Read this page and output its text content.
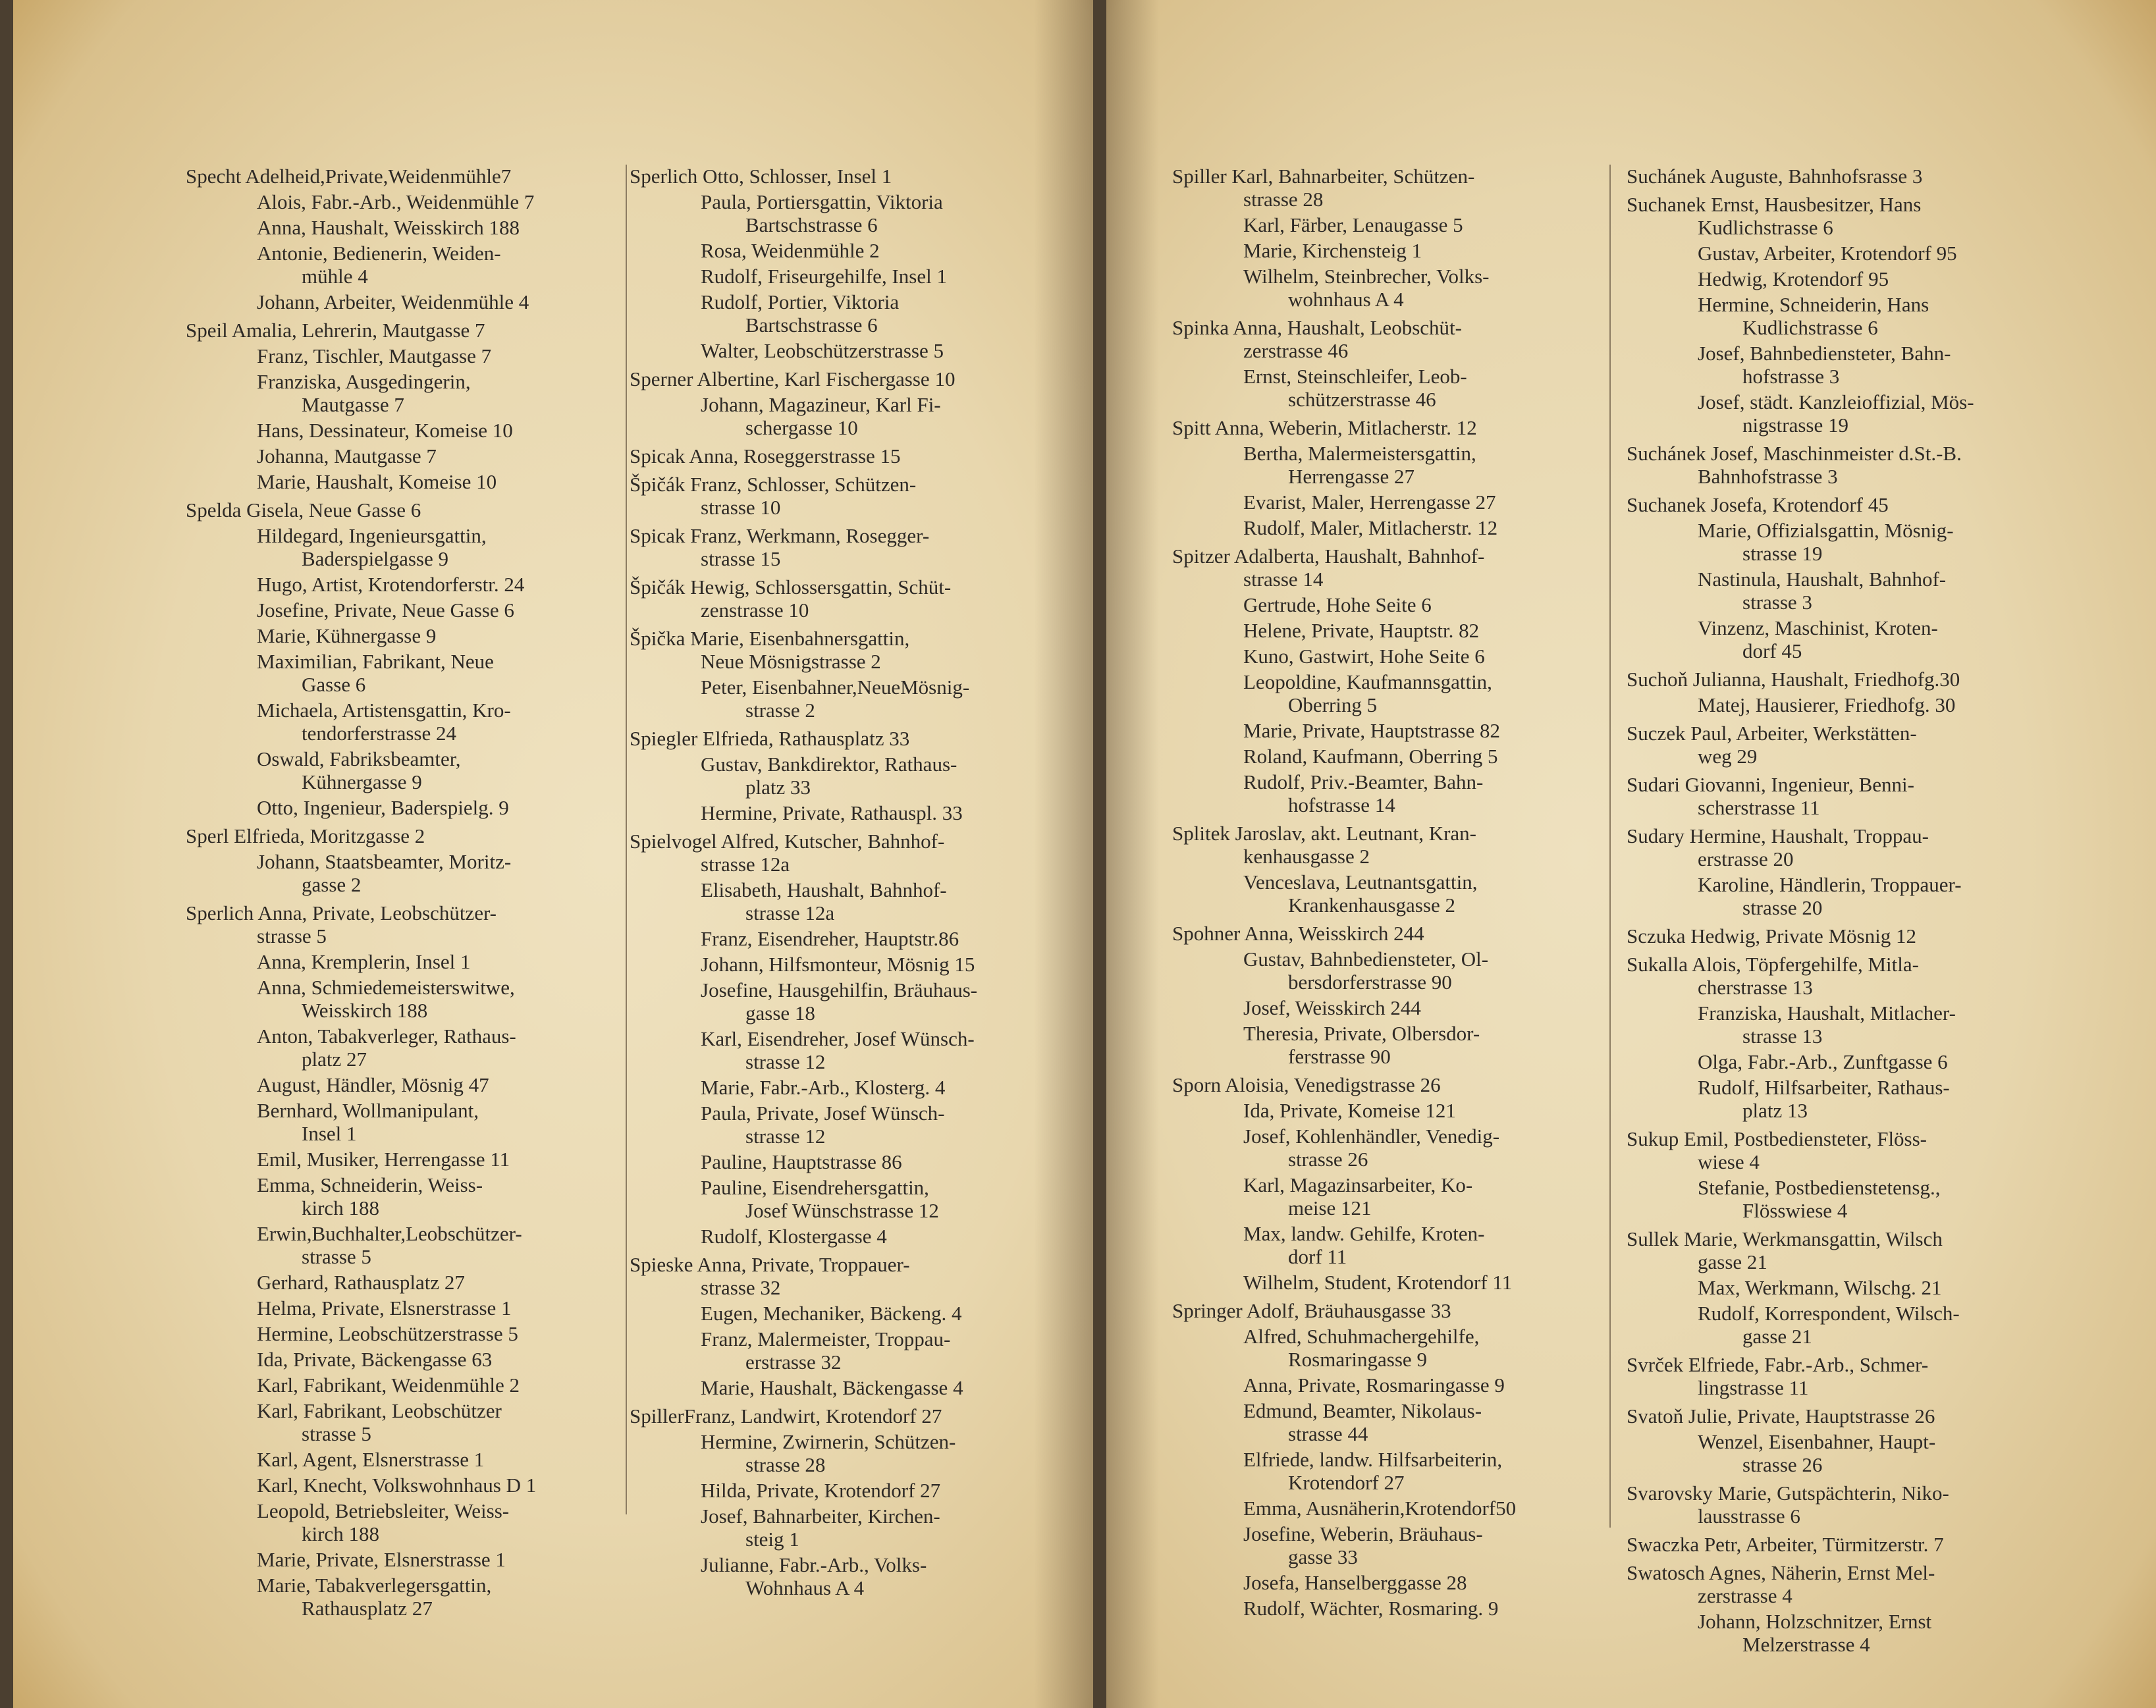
Specht Adelheid,Private,Weidenmühle7
Alois, Fabr.-Arb., Weidenmühle 7
Anna, Haushalt, Weisskirch 188
Antonie, Bedienerin, Weiden-
mühle 4
Johann, Arbeiter, Weidenmühle 4
Speil Amalia, Lehrerin, Mautgasse 7
Franz, Tischler, Mautgasse 7
Franziska, Ausgedingerin,
Mautgasse 7
Hans, Dessinateur, Komeise 10
Johanna, Mautgasse 7
Marie, Haushalt, Komeise 10
Spelda Gisela, Neue Gasse 6
Hildegard, Ingenieursgattin,
Baderspielgasse 9
Hugo, Artist, Krotendorferstr. 24
Josefine, Private, Neue Gasse 6
Marie, Kühnergasse 9
Maximilian, Fabrikant, Neue
Gasse 6
Michaela, Artistensgattin, Kro-
tendorferstrasse 24
Oswald, Fabriksbeamter,
Kühnergasse 9
Otto, Ingenieur, Baderspielg. 9
Sperl Elfrieda, Moritzgasse 2
Johann, Staatsbeamter, Moritz-
gasse 2
Sperlich Anna, Private, Leobschützer-
strasse 5
Anna, Kremplerin, Insel 1
Anna, Schmiedemeisterswitwe,
Weisskirch 188
Anton, Tabakverleger, Rathaus-
platz 27
August, Händler, Mösnig 47
Bernhard, Wollmanipulant,
Insel 1
Emil, Musiker, Herrengasse 11
Emma, Schneiderin, Weiss-
kirch 188
Erwin,Buchhalter,Leobschützer-
strasse 5
Gerhard, Rathausplatz 27
Helma, Private, Elsnerstrasse 1
Hermine, Leobschützerstrasse 5
Ida, Private, Bäckengasse 63
Karl, Fabrikant, Weidenmühle 2
Karl, Fabrikant, Leobschützer
strasse 5
Karl, Agent, Elsnerstrasse 1
Karl, Knecht, Volkswohnhaus D 1
Leopold, Betriebsleiter, Weiss-
kirch 188
Marie, Private, Elsnerstrasse 1
Marie, Tabakverlegersgattin,
Rathausplatz 27
Sperlich Otto, Schlosser, Insel 1
Paula, Portiersgattin, Viktoria
Bartschstrasse 6
Rosa, Weidenmühle 2
Rudolf, Friseurgehilfe, Insel 1
Rudolf, Portier, Viktoria
Bartschstrasse 6
Walter, Leobschützerstrasse 5
Sperner Albertine, Karl Fischergasse 10
Johann, Magazineur, Karl Fi-
schergasse 10
Spicak Anna, Roseggerstrasse 15
Špičák Franz, Schlosser, Schützen-
strasse 10
Spicak Franz, Werkmann, Rosegger-
strasse 15
Špičák Hewig, Schlossersgattin, Schüt-
zenstrasse 10
Špička Marie, Eisenbahnersgattin,
Neue Mösnigstrasse 2
Peter, Eisenbahner,NeueMösnig-
strasse 2
Spiegler Elfrieda, Rathausplatz 33
Gustav, Bankdirektor, Rathaus-
platz 33
Hermine, Private, Rathauspl. 33
Spielvogel Alfred, Kutscher, Bahnhof-
strasse 12a
Elisabeth, Haushalt, Bahnhof-
strasse 12a
Franz, Eisendreher, Hauptstr.86
Johann, Hilfsmonteur, Mösnig 15
Josefine, Hausgehilfin, Bräuhaus-
gasse 18
Karl, Eisendreher, Josef Wünsch-
strasse 12
Marie, Fabr.-Arb., Klosterg. 4
Paula, Private, Josef Wünsch-
strasse 12
Pauline, Hauptstrasse 86
Pauline, Eisendrehersgattin,
Josef Wünschstrasse 12
Rudolf, Klostergasse 4
Spieske Anna, Private, Troppauer-
strasse 32
Eugen, Mechaniker, Bäckeng. 4
Franz, Malermeister, Troppau-
erstrasse 32
Marie, Haushalt, Bäckengasse 4
SpillerFranz, Landwirt, Krotendorf 27
Hermine, Zwirnerin, Schützen-
strasse 28
Hilda, Private, Krotendorf 27
Josef, Bahnarbeiter, Kirchen-
steig 1
Julianne, Fabr.-Arb., Volks-
Wohnhaus A 4
Spiller Karl, Bahnarbeiter, Schützen-
strasse 28
Karl, Färber, Lenaugasse 5
Marie, Kirchensteig 1
Wilhelm, Steinbrecher, Volks-
wohnhaus A 4
Spinka Anna, Haushalt, Leobschüt-
zerstrasse 46
Ernst, Steinschleifer, Leob-
schützerstrasse 46
Spitt Anna, Weberin, Mitlacherstr. 12
Bertha, Malermeistersgattin,
Herrengasse 27
Evarist, Maler, Herrengasse 27
Rudolf, Maler, Mitlacherstr. 12
Spitzer Adalberta, Haushalt, Bahnhof-
strasse 14
Gertrude, Hohe Seite 6
Helene, Private, Hauptstr. 82
Kuno, Gastwirt, Hohe Seite 6
Leopoldine, Kaufmannsgattin,
Oberring 5
Marie, Private, Hauptstrasse 82
Roland, Kaufmann, Oberring 5
Rudolf, Priv.-Beamter, Bahn-
hofstrasse 14
Splitek Jaroslav, akt. Leutnant, Kran-
kenhausgasse 2
Venceslava, Leutnantsgattin,
Krankenhausgasse 2
Spohner Anna, Weisskirch 244
Gustav, Bahnbediensteter, Ol-
bersdorferstrasse 90
Josef, Weisskirch 244
Theresia, Private, Olbersdor-
ferstrasse 90
Sporn Aloisia, Venedigstrasse 26
Ida, Private, Komeise 121
Josef, Kohlenhändler, Venedig-
strasse 26
Karl, Magazinsarbeiter, Ko-
meise 121
Max, landw. Gehilfe, Kroten-
dorf 11
Wilhelm, Student, Krotendorf 11
Springer Adolf, Bräuhausgasse 33
Alfred, Schuhmachergehilfe,
Rosmaringasse 9
Anna, Private, Rosmaringasse 9
Edmund, Beamter, Nikolaus-
strasse 44
Elfriede, landw. Hilfsarbeiterin,
Krotendorf 27
Emma, Ausnäherin,Krotendorf50
Josefine, Weberin, Bräuhaus-
gasse 33
Josefa, Hanselberggasse 28
Rudolf, Wächter, Rosmaring. 9
Suchánek Auguste, Bahnhofsrasse 3
Suchanek Ernst, Hausbesitzer, Hans
Kudlichstrasse 6
Gustav, Arbeiter, Krotendorf 95
Hedwig, Krotendorf 95
Hermine, Schneiderin, Hans
Kudlichstrasse 6
Josef, Bahnbediensteter, Bahn-
hofstrasse 3
Josef, städt. Kanzleioffizial, Mös-
nigstrasse 19
Suchánek Josef, Maschinmeister d.St.-B.
Bahnhofstrasse 3
Suchanek Josefa, Krotendorf 45
Marie, Offizialsgattin, Mösnig-
strasse 19
Nastinula, Haushalt, Bahnhof-
strasse 3
Vinzenz, Maschinist, Kroten-
dorf 45
Suchoň Julianna, Haushalt, Friedhofg.30
Matej, Hausierer, Friedhofg. 30
Suczek Paul, Arbeiter, Werkstätten-
weg 29
Sudari Giovanni, Ingenieur, Benni-
scherstrasse 11
Sudary Hermine, Haushalt, Troppau-
erstrasse 20
Karoline, Händlerin, Troppauer-
strasse 20
Sczuka Hedwig, Private Mösnig 12
Sukalla Alois, Töpfergehilfe, Mitla-
cherstrasse 13
Franziska, Haushalt, Mitlacher-
strasse 13
Olga, Fabr.-Arb., Zunftgasse 6
Rudolf, Hilfsarbeiter, Rathaus-
platz 13
Sukup Emil, Postbediensteter, Flöss-
wiese 4
Stefanie, Postbedienstetensg.,
Flösswiese 4
Sullek Marie, Werkmansgattin, Wilsch
gasse 21
Max, Werkmann, Wilschg. 21
Rudolf, Korrespondent, Wilsch-
gasse 21
Svrček Elfriede, Fabr.-Arb., Schmer-
lingstrasse 11
Svatoň Julie, Private, Hauptstrasse 26
Wenzel, Eisenbahner, Haupt-
strasse 26
Svarovsky Marie, Gutspächterin, Niko-
lausstrasse 6
Swaczka Petr, Arbeiter, Türmitzerstr. 7
Swatosch Agnes, Näherin, Ernst Mel-
zerstrasse 4
Johann, Holzschnitzer, Ernst
Melzerstrasse 4
